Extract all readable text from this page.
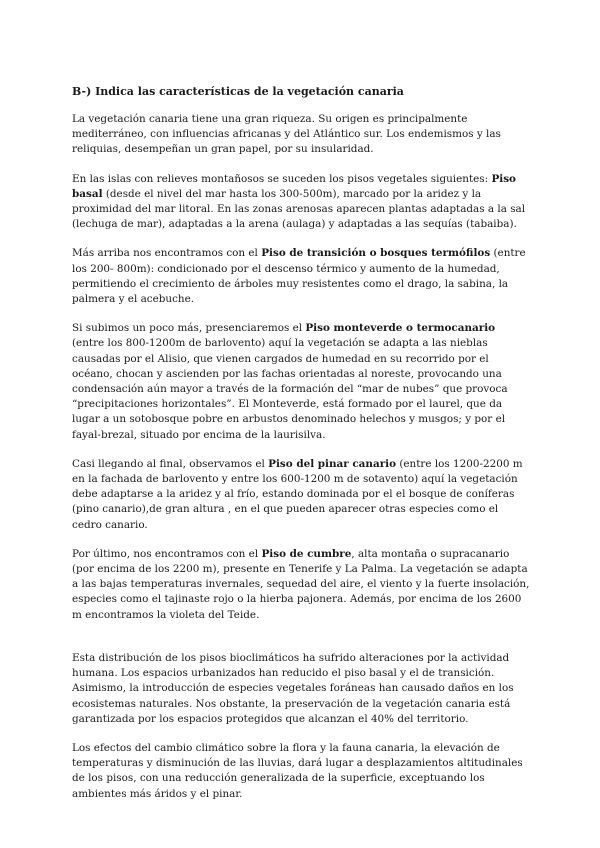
B-) Indica las características de la vegetación canaria

La vegetación canaria tiene una gran riqueza. Su origen es principalmente mediterráneo, con influencias africanas y del Atlántico sur. Los endemismos y las reliquias, desempeñan un gran papel, por su insularidad.

En las islas con relieves montañosos se suceden los pisos vegetales siguientes: Piso basal (desde el nivel del mar hasta los 300-500m), marcado por la aridez y la proximidad del mar litoral. En las zonas arenosas aparecen plantas adaptadas a la sal (lechuga de mar), adaptadas a la arena (aulaga) y adaptadas a las sequías (tabaiba).

Más arriba nos encontramos con el Piso de transición o bosques termófilos (entre los 200- 800m): condicionado por el descenso térmico y aumento de la humedad, permitiendo el crecimiento de árboles muy resistentes como el drago, la sabina, la palmera y el acebuche.

Si subimos un poco más, presenciaremos el Piso monteverde o termocanario (entre los 800-1200m de barlovento) aquí la vegetación se adapta a las nieblas causadas por el Alisio, que vienen cargados de humedad en su recorrido por el océano, chocan y ascienden por las fachas orientadas al noreste, provocando una condensación aún mayor a través de la formación del “mar de nubes” que provoca “precipitaciones horizontales”. El Monteverde, está formado por el laurel, que da lugar a un sotobosque pobre en arbustos denominado helechos y musgos; y por el fayal-brezal, situado por encima de la laurisilva.

Casi llegando al final, observamos el Piso del pinar canario (entre los 1200-2200 m en la fachada de barlovento y entre los 600-1200 m de sotavento) aquí la vegetación debe adaptarse a la aridez y al frío, estando dominada por el el bosque de coníferas (pino canario),de gran altura , en el que pueden aparecer otras especies como el cedro canario.

Por último, nos encontramos con el Piso de cumbre, alta montaña o supracanario (por encima de los 2200 m), presente en Tenerife y La Palma. La vegetación se adapta a las bajas temperaturas invernales, sequedad del aire, el viento y la fuerte insolación, especies como el tajinaste rojo o la hierba pajonera. Además, por encima de los 2600 m encontramos la violeta del Teide.

Esta distribución de los pisos bioclimáticos ha sufrido alteraciones por la actividad humana. Los espacios urbanizados han reducido el piso basal y el de transición. Asimismo, la introducción de especies vegetales foráneas han causado daños en los ecosistemas naturales. Nos obstante, la preservación de la vegetación canaria está garantizada por los espacios protegidos que alcanzan el 40% del territorio.

Los efectos del cambio climático sobre la flora y la fauna canaria, la elevación de temperaturas y disminución de las lluvias, dará lugar a desplazamientos altitudinales de los pisos, con una reducción generalizada de la superficie, exceptuando los ambientes más áridos y el pinar.
